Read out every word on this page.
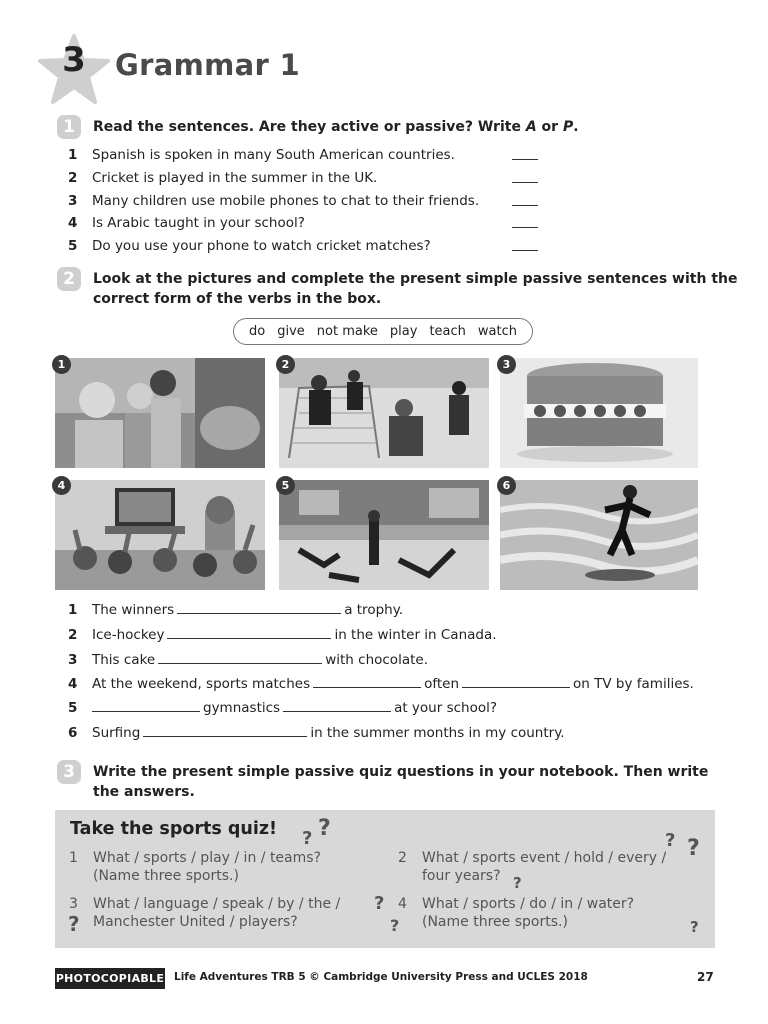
3	Grammar 1
1	Read the sentences. Are they active or passive? Write A or P.
1 Spanish is spoken in many South American countries.
2 Cricket is played in the summer in the UK.
3 Many children use mobile phones to chat to their friends.
4 Is Arabic taught in your school?
5 Do you use your phone to watch cricket matches?
2	Look at the pictures and complete the present simple passive sentences with the
correct form of the verbs in the box.
do give not make play teach watch
1	2	3
4	5	6
1 The winners	a trophy.
2 Ice-hockey	in the winter in Canada.
3 This cake	with chocolate.
4 At the weekend, sports matches	often	on TV by families.
5	gymnastics	at your school?
6 Surfing	in the summer months in my country.
3	Write the present simple passive quiz questions in your notebook. Then write
the answers.
Take the sports quiz! ? ?
1 What / sports / play / in / teams?
(Name three sports.)
2 What / sports event / hold / every /
four years?
3 What / language / speak / by / the /
Manchester United / players?
4 What / sports / do / in / water?
(Name three sports.)
? ?
?
?
?	?	?
PHOTOCOPIABLE Life Adventures TRB 5 © Cambridge University Press and UCLES 2018	27
